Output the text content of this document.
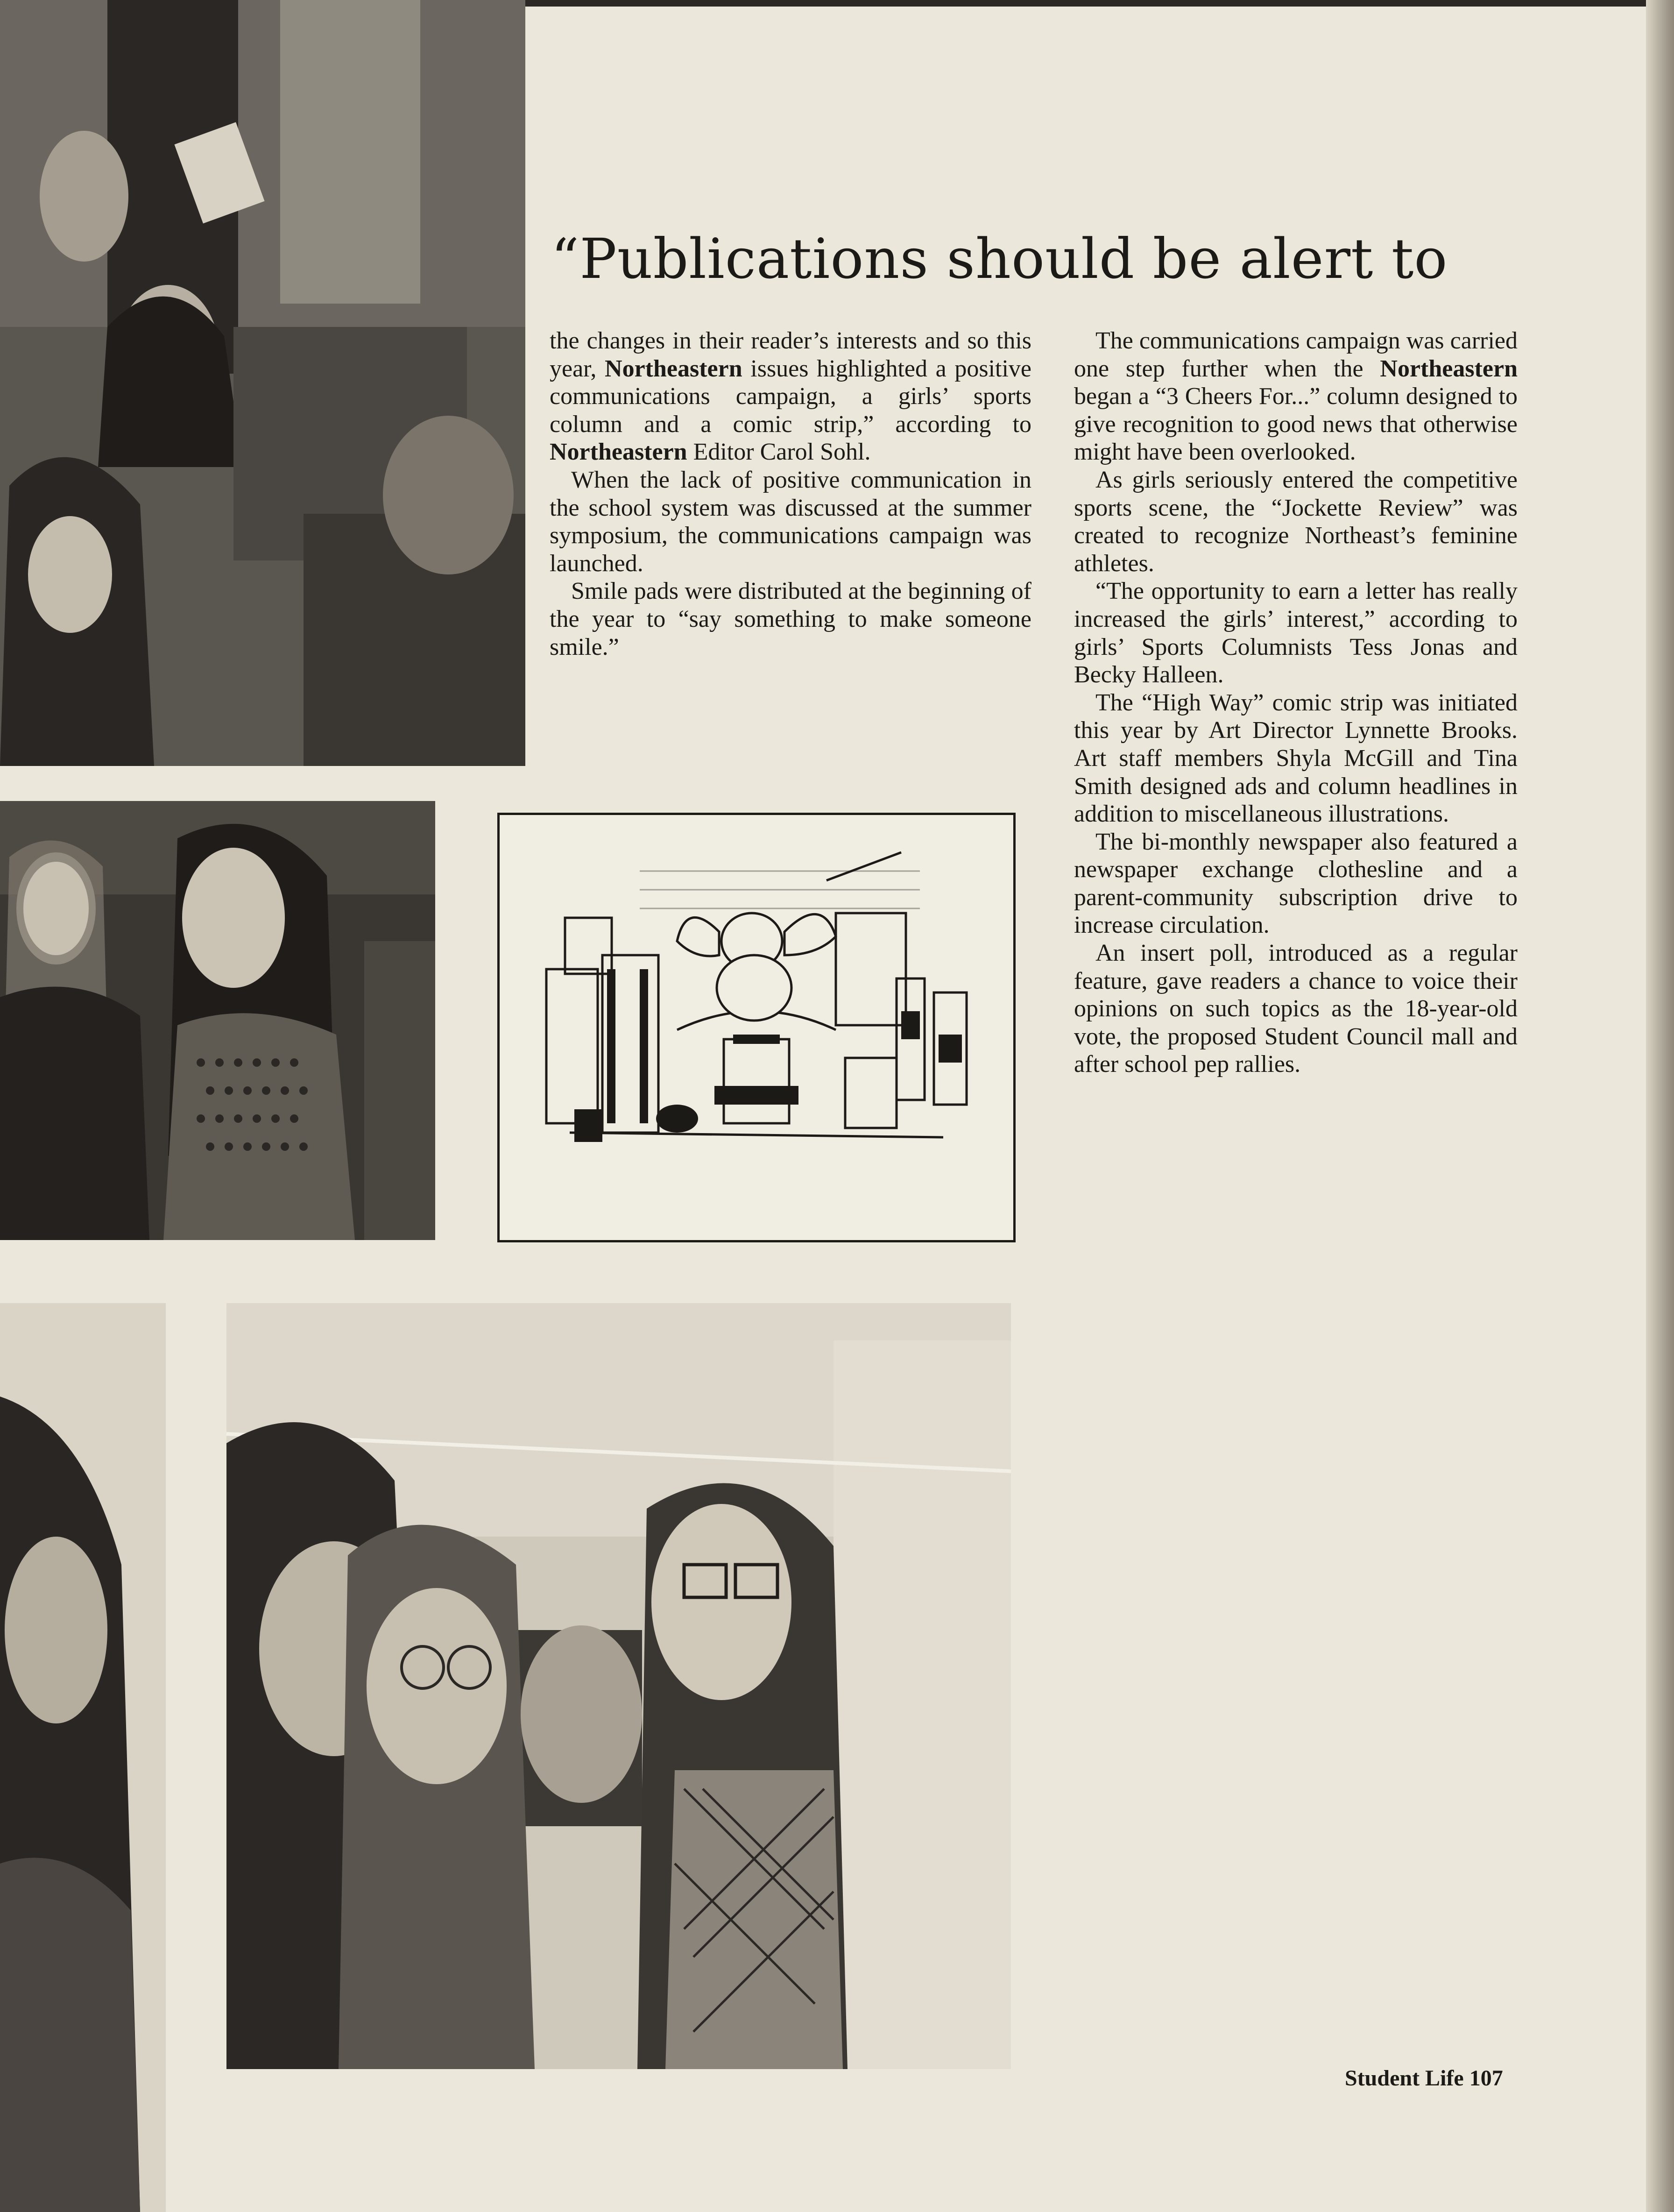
“Publications should be alert to

the changes in their reader’s interests and so this year, Northeastern issues highlighted a positive communications campaign, a girls’ sports column and a comic strip,” according to Northeastern Editor Carol Sohl.

When the lack of positive communication in the school system was discussed at the summer symposium, the communications campaign was launched.

Smile pads were distributed at the beginning of the year to “say something to make someone smile.”

The communications campaign was carried one step further when the Northeastern began a “3 Cheers For...” column designed to give recognition to good news that otherwise might have been overlooked.

As girls seriously entered the competitive sports scene, the “Jockette Review” was created to recognize Northeast’s feminine athletes.

“The opportunity to earn a letter has really increased the girls’ interest,” according to girls’ Sports Columnists Tess Jonas and Becky Halleen.

The “High Way” comic strip was initiated this year by Art Director Lynnette Brooks. Art staff members Shyla McGill and Tina Smith designed ads and column headlines in addition to miscellaneous illustrations.

The bi-monthly newspaper also featured a newspaper exchange clothesline and a parent-community subscription drive to increase circulation.

An insert poll, introduced as a regular feature, gave readers a chance to voice their opinions on such topics as the 18-year-old vote, the proposed Student Council mall and after school pep rallies.

Student Life 107
